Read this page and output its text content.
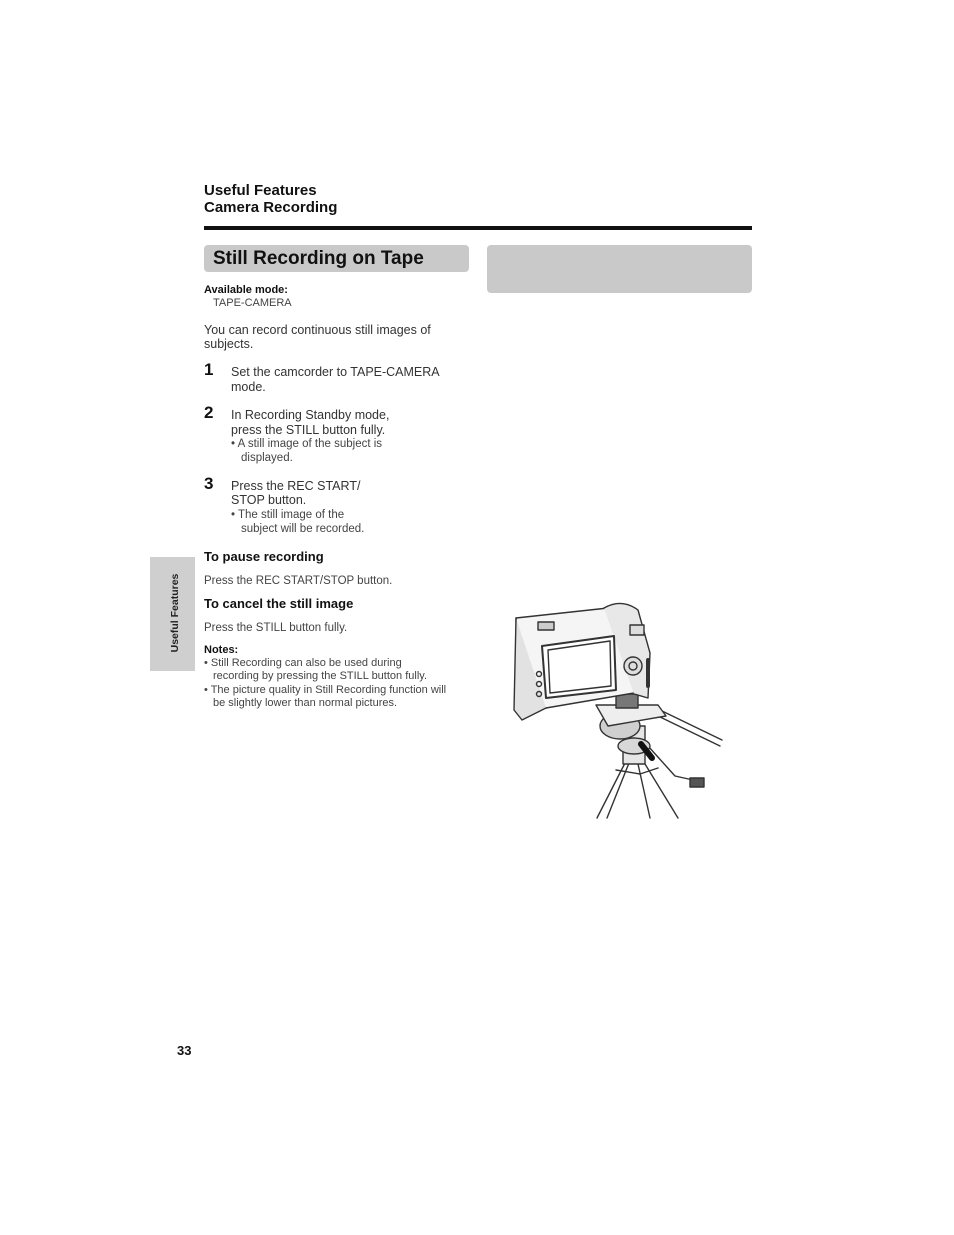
Useful Features
Camera Recording
Still Recording on Tape
Available mode:
TAPE-CAMERA
You can record continuous still images of
subjects.
1 Set the camcorder to TAPE-CAMERA
mode.
2 In Recording Standby mode,
press the STILL button fully.
• A still image of the subject is
displayed.
3 Press the REC START/
STOP button.
• The still image of the
subject will be recorded.
To pause recording
Press the REC START/STOP button.
To cancel the still image
Press the STILL button fully.
Notes:
• Still Recording can also be used during
recording by pressing the STILL button fully.
• The picture quality in Still Recording function will
be slightly lower than normal pictures.
Useful Features
33
